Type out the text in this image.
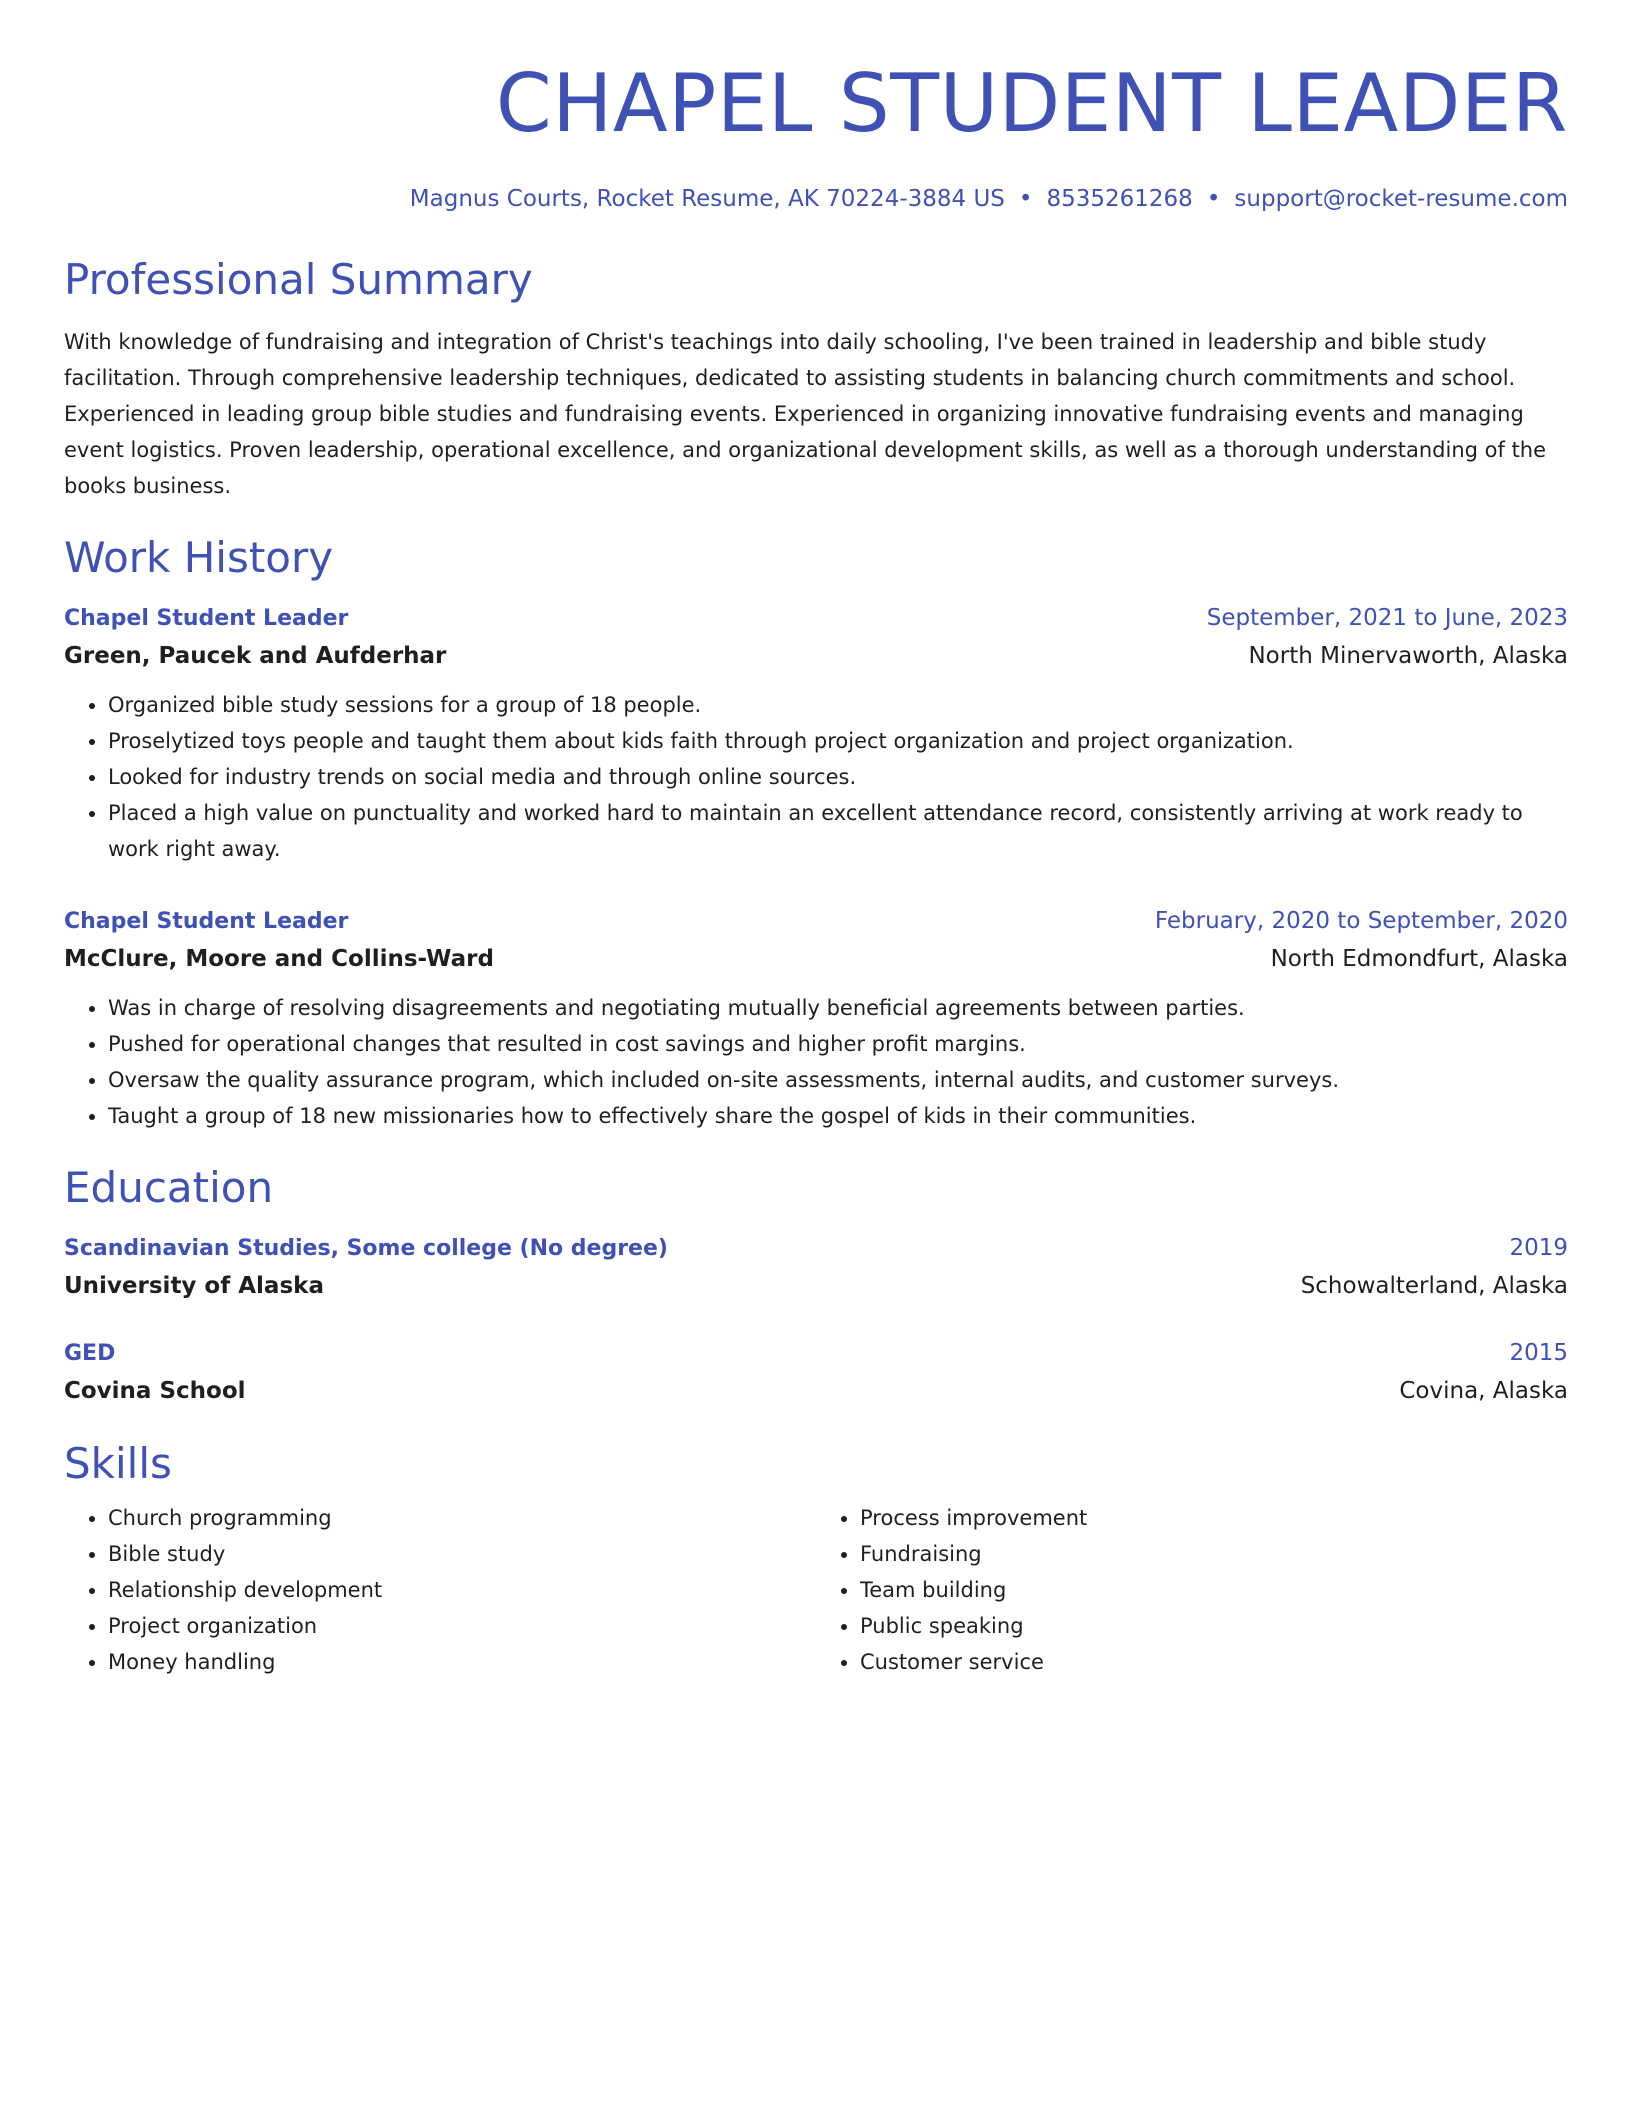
CHAPEL STUDENT LEADER
Magnus Courts, Rocket Resume, AK 70224-3884 US • 8535261268 • support@rocket-resume.com
Professional Summary
With knowledge of fundraising and integration of Christ's teachings into daily schooling, I've been trained in leadership and bible study facilitation. Through comprehensive leadership techniques, dedicated to assisting students in balancing church commitments and school. Experienced in leading group bible studies and fundraising events. Experienced in organizing innovative fundraising events and managing event logistics. Proven leadership, operational excellence, and organizational development skills, as well as a thorough understanding of the books business.
Work History
Chapel Student Leader	September, 2021 to June, 2023
Green, Paucek and Aufderhar	North Minervaworth, Alaska
• Organized bible study sessions for a group of 18 people.
• Proselytized toys people and taught them about kids faith through project organization and project organization.
• Looked for industry trends on social media and through online sources.
• Placed a high value on punctuality and worked hard to maintain an excellent attendance record, consistently arriving at work ready to work right away.
Chapel Student Leader	February, 2020 to September, 2020
McClure, Moore and Collins-Ward	North Edmondfurt, Alaska
• Was in charge of resolving disagreements and negotiating mutually beneficial agreements between parties.
• Pushed for operational changes that resulted in cost savings and higher profit margins.
• Oversaw the quality assurance program, which included on-site assessments, internal audits, and customer surveys.
• Taught a group of 18 new missionaries how to effectively share the gospel of kids in their communities.
Education
Scandinavian Studies, Some college (No degree)	2019
University of Alaska	Schowalterland, Alaska
GED	2015
Covina School	Covina, Alaska
Skills
• Church programming
• Bible study
• Relationship development
• Project organization
• Money handling
• Process improvement
• Fundraising
• Team building
• Public speaking
• Customer service
